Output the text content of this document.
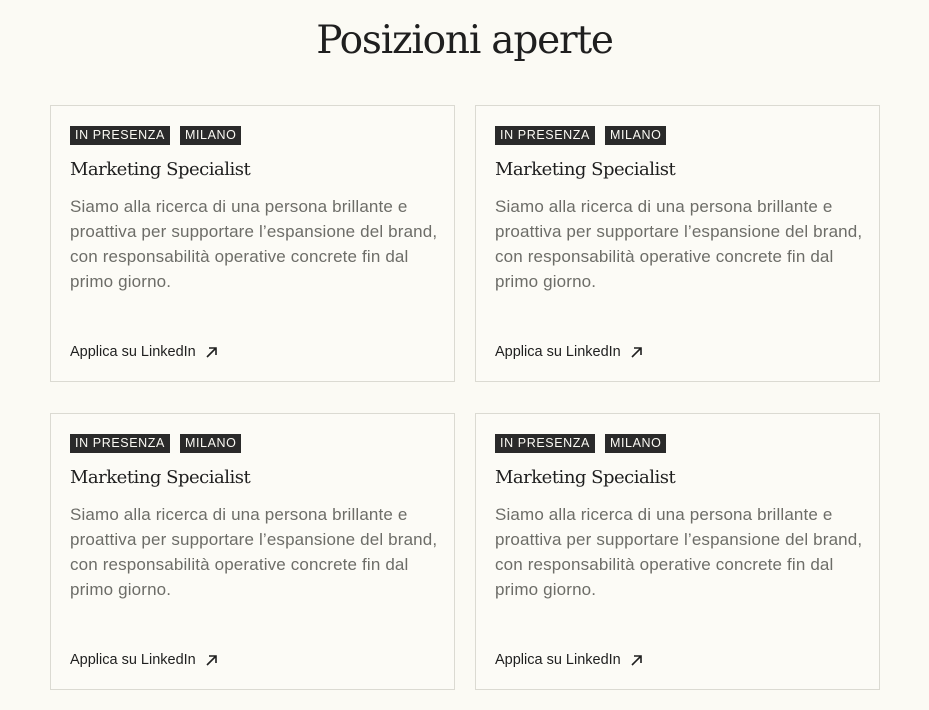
Posizioni aperte
IN PRESENZA	MILANO
Marketing Specialist

Siamo alla ricerca di una persona brillante e proattiva per supportare l’espansione del brand, con responsabilità operative concrete fin dal primo giorno.

Applica su LinkedIn
IN PRESENZA	MILANO
Marketing Specialist

Siamo alla ricerca di una persona brillante e proattiva per supportare l’espansione del brand, con responsabilità operative concrete fin dal primo giorno.

Applica su LinkedIn
IN PRESENZA	MILANO
Marketing Specialist

Siamo alla ricerca di una persona brillante e proattiva per supportare l’espansione del brand, con responsabilità operative concrete fin dal primo giorno.

Applica su LinkedIn
IN PRESENZA	MILANO
Marketing Specialist

Siamo alla ricerca di una persona brillante e proattiva per supportare l’espansione del brand, con responsabilità operative concrete fin dal primo giorno.

Applica su LinkedIn
